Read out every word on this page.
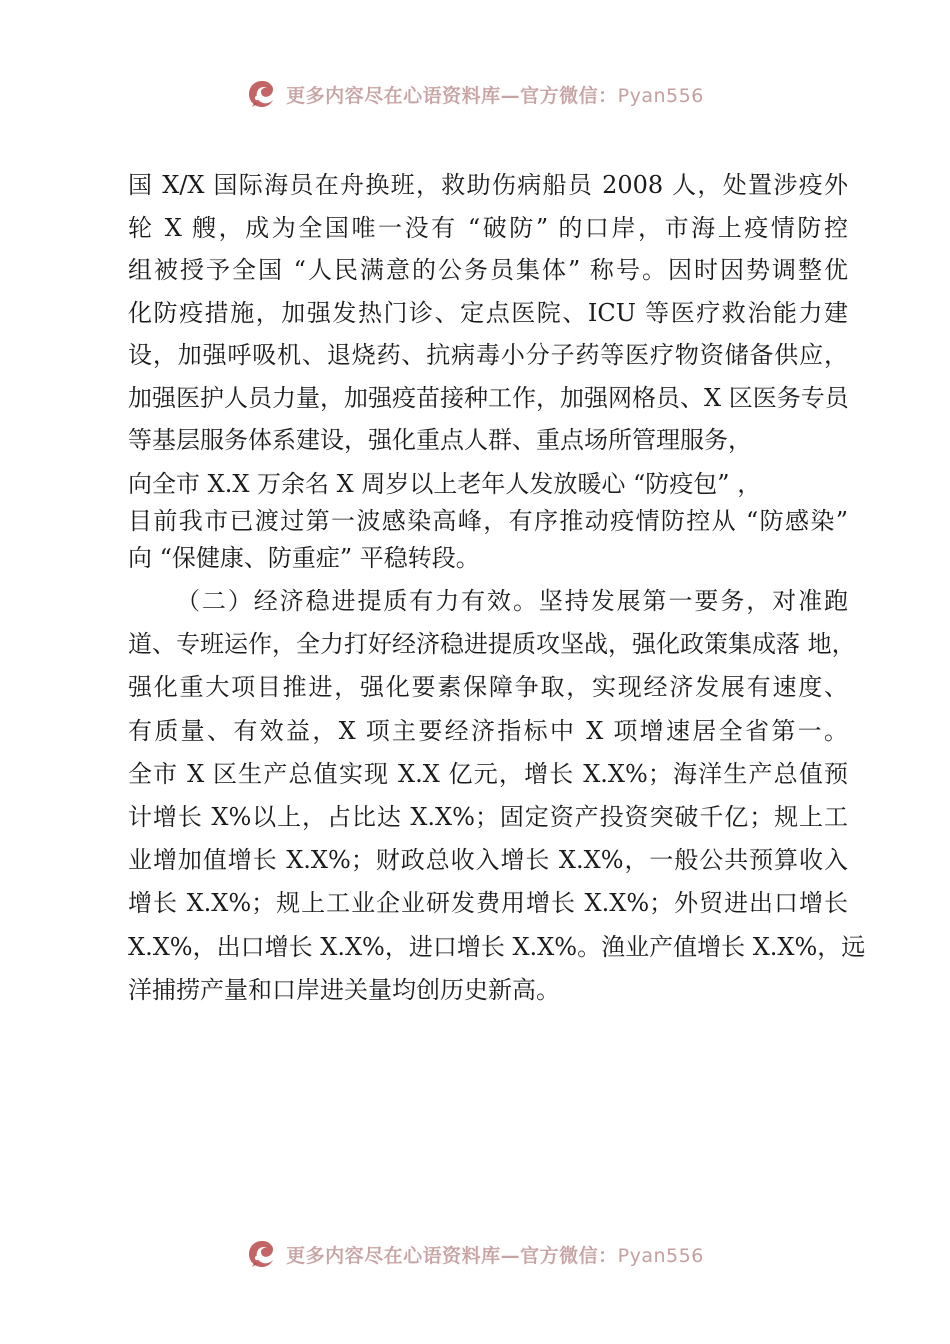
更多内容尽在心语资料库—官方微信：Pyan556

国 X/X 国际海员在舟换班，救助伤病船员 2008 人，处置涉疫外
轮 X 艘，成为全国唯一没有 “破防” 的口岸，市海上疫情防控
组被授予全国 “人民满意的公务员集体” 称号。因时因势调整优
化防疫措施，加强发热门诊、定点医院、ICU 等医疗救治能力建
设，加强呼吸机、退烧药、抗病毒小分子药等医疗物资储备供应，
加强医护人员力量，加强疫苗接种工作，加强网格员、X 区医务专员
等基层服务体系建设，强化重点人群、重点场所管理服务，

向全市 X.X 万余名 X 周岁以上老年人发放暖心 “防疫包” ，
目前我市已渡过第一波感染高峰，有序推动疫情防控从 “防感染”
向 “保健康、防重症” 平稳转段。

（二）经济稳进提质有力有效。坚持发展第一要务，对准跑
道、专班运作，全力打好经济稳进提质攻坚战，强化政策集成落 地，
强化重大项目推进，强化要素保障争取，实现经济发展有速度、
有质量、有效益，X 项主要经济指标中 X 项增速居全省第一。
全市 X 区生产总值实现 X.X 亿元，增长 X.X%；海洋生产总值预
计增长 X%以上，占比达 X.X%；固定资产投资突破千亿；规上工
业增加值增长 X.X%；财政总收入增长 X.X%，一般公共预算收入
增长 X.X%；规上工业企业研发费用增长 X.X%；外贸进出口增长
X.X%，出口增长 X.X%，进口增长 X.X%。渔业产值增长 X.X%，远
洋捕捞产量和口岸进关量均创历史新高。

更多内容尽在心语资料库—官方微信：Pyan556
